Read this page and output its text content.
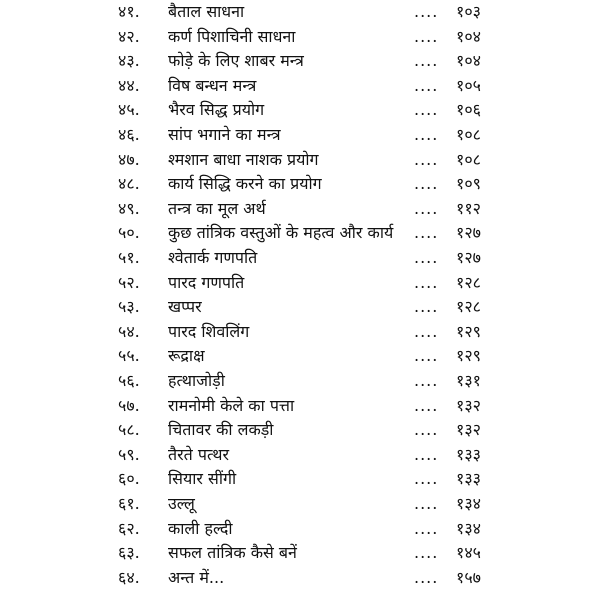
४१.	बैताल साधना	.... १०३
४२.	कर्ण पिशाचिनी साधना	.... १०४
४३.	फोड़े के लिए शाबर मन्त्र	.... १०४
४४.	विष बन्धन मन्त्र	.... १०५
४५.	भैरव सिद्ध प्रयोग	.... १०६
४६.	सांप भगाने का मन्त्र	.... १०८
४७.	श्मशान बाधा नाशक प्रयोग	.... १०८
४८.	कार्य सिद्धि करने का प्रयोग	.... १०९
४९.	तन्त्र का मूल अर्थ	.... ११२
५०.	कुछ तांत्रिक वस्तुओं के महत्व और कार्य	.... १२७
५१.	श्वेतार्क गणपति	.... १२७
५२.	पारद गणपति	.... १२८
५३.	खप्पर	.... १२८
५४.	पारद शिवलिंग	.... १२९
५५.	रूद्राक्ष	.... १२९
५६.	हत्थाजोड़ी	.... १३१
५७.	रामनोमी केले का पत्ता	.... १३२
५८.	चितावर की लकड़ी	.... १३२
५९.	तैरते पत्थर	.... १३३
६०.	सियार सींगी	.... १३३
६१.	उल्लू	.... १३४
६२.	काली हल्दी	.... १३४
६३.	सफल तांत्रिक कैसे बनें	.... १४५
६४.	अन्त में...	.... १५७
